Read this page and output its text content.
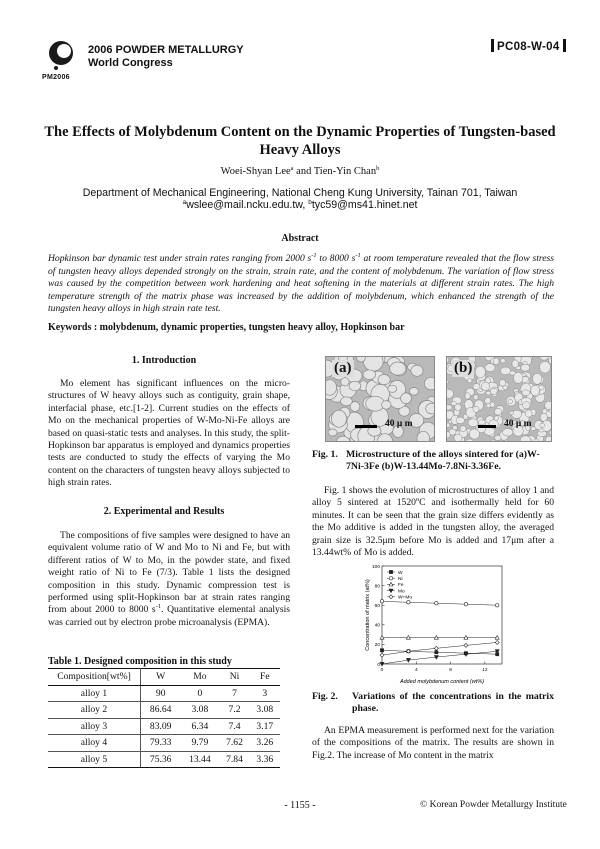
PM2006
2006 POWDER METALLURGY
World Congress
PC08-W-04
The Effects of Molybdenum Content on the Dynamic Properties of Tungsten-based Heavy Alloys
Woei-Shyan Lee$^a$ and Tien-Yin Chan$^b$
Department of Mechanical Engineering, National Cheng Kung University, Tainan 701, Taiwan
$^a$wslee@mail.ncku.edu.tw, $^b$tyc59@ms41.hinet.net
Abstract
Hopkinson bar dynamic test under strain rates ranging from 2000 $s^{-1}$ to 8000 $s^{-1}$ at room temperature revealed that the flow stress of tungsten heavy alloys depended strongly on the strain, strain rate, and the content of molybdenum. The variation of flow stress was caused by the competition between work hardening and heat softening in the materials at different strain rates. The high temperature strength of the matrix phase was increased by the addition of molybdenum, which enhanced the strength of the tungsten heavy alloys in high strain rate test.
Keywords : molybdenum, dynamic properties, tungsten heavy alloy, Hopkinson bar
1. Introduction
Mo element has significant influences on the micro-structures of W heavy alloys such as contiguity, grain shape, interfacial phase, etc.[1-2]. Current studies on the effects of Mo on the mechanical properties of W-Mo-Ni-Fe alloys are based on quasi-static tests and analyses. In this study, the split-Hopkinson bar apparatus is employed and dynamics properties tests are conducted to study the effects of varying the Mo content on the characters of tungsten heavy alloys subjected to high strain rates.
2. Experimental and Results
The compositions of five samples were designed to have an equivalent volume ratio of W and Mo to Ni and Fe, but with different ratios of W to Mo, in the powder state, and fixed weight ratio of Ni to Fe (7/3). Table 1 lists the designed composition in this study. Dynamic compression test is performed using split-Hopkinson bar at strain rates ranging from about 2000 to 8000 $s^{-1}$. Quantitative elemental analysis was carried out by electron probe microanalysis (EPMA).
Table 1. Designed composition in this study
Composition[wt%]	W	Mo	Ni	Fe
alloy 1	90	0	7	3
alloy 2	86.64	3.08	7.2	3.08
alloy 3	83.09	6.34	7.4	3.17
alloy 4	79.33	9.79	7.62	3.26
alloy 5	75.36	13.44	7.84	3.36
(a)
40 μ m
(b)
40 μ m
Fig. 1. Microstructure of the alloys sintered for (a)W-7Ni-3Fe (b)W-13.44Mo-7.8Ni-3.36Fe.
Fig. 1 shows the evolution of microstructures of alloy 1 and alloy 5 sintered at 1520$^o$C and isothermally held for 60 minutes. It can be seen that the grain size differs evidently as the Mo additive is added in the tungsten alloy, the averaged grain size is 32.5μm before Mo is added and 17μm after a 13.44wt% of Mo is added.
0
20
40
60
80
100
0	4	8	12
W
Ni
Fe
Mo
W+Mo
Added molybdenum content (wt%)
Concentration of matrix (at%)
Fig. 2.	Variations of the concentrations in the matrix phase.
An EPMA measurement is performed next for the variation of the compositions of the matrix. The results are shown in Fig.2. The increase of Mo content in the matrix
- 1155 -	© Korean Powder Metallurgy Institute
